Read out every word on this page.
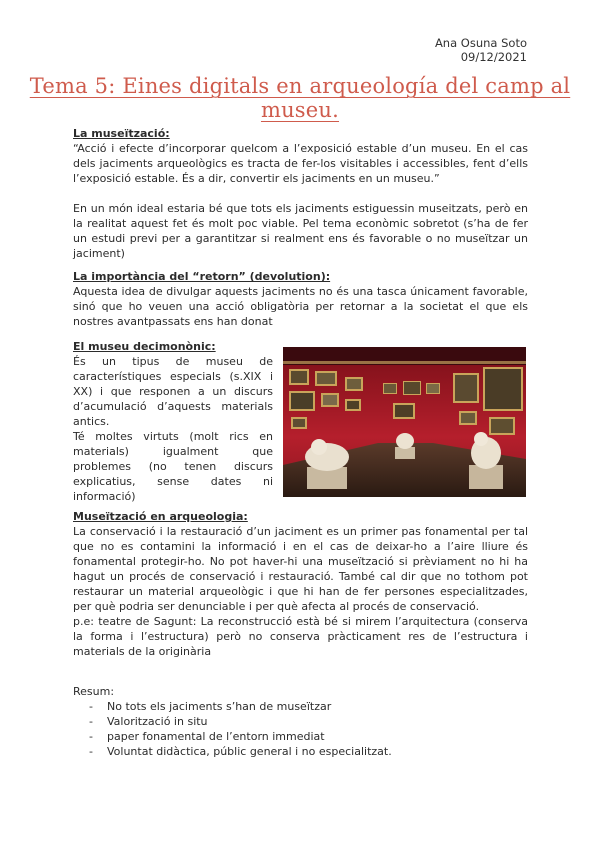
Ana Osuna Soto
09/12/2021
Tema 5: Eines digitals en arqueología del camp al museu.
La museïtzació:

“Acció i efecte d’incorporar quelcom a l’exposició estable d’un museu. En el cas dels jaciments arqueològics es tracta de fer-los visitables i accessibles, fent d’ells l’exposició estable. És a dir, convertir els jaciments en un museu.”

En un món ideal estaria bé que tots els jaciments estiguessin museitzats, però en la realitat aquest fet és molt poc viable. Pel tema econòmic sobretot (s’ha de fer un estudi previ per a garantitzar si realment ens és favorable o no museïtzar un jaciment)

La importància del “retorn” (devolution):

Aquesta idea de divulgar aquests jaciments no és una tasca únicament favorable, sinó que ho veuen una acció obligatòria per retornar a la societat el que els nostres avantpassats ens han donat

El museu decimonònic:

És un tipus de museu de característiques especials (s.XIX i XX) i que responen a un discurs d’acumulació d’aquests materials antics.

Té moltes virtuts (molt rics en materials) igualment que problemes (no tenen discurs explicatius, sense dates ni informació)

Museïtzació en arqueologia:

La conservació i la restauració d’un jaciment es un primer pas fonamental per tal que no es contamini la informació i en el cas de deixar-ho a l’aire lliure és fonamental protegir-ho. No pot haver-hi una museïtzació si prèviament no hi ha hagut un procés de conservació i restauració. També cal dir que no tothom pot restaurar un material arqueològic i que hi han de fer persones especialitzades, per què podria ser denunciable i per què afecta al procés de conservació.

p.e: teatre de Sagunt: La reconstrucció està bé si mirem l’arquitectura (conserva la forma i l’estructura) però no conserva pràcticament res de l’estructura i materials de la originària

Resum:

- No tots els jaciments s’han de museïtzar
- Valorització in situ
- paper fonamental de l’entorn immediat
- Voluntat didàctica, públic general i no especialitzat.
